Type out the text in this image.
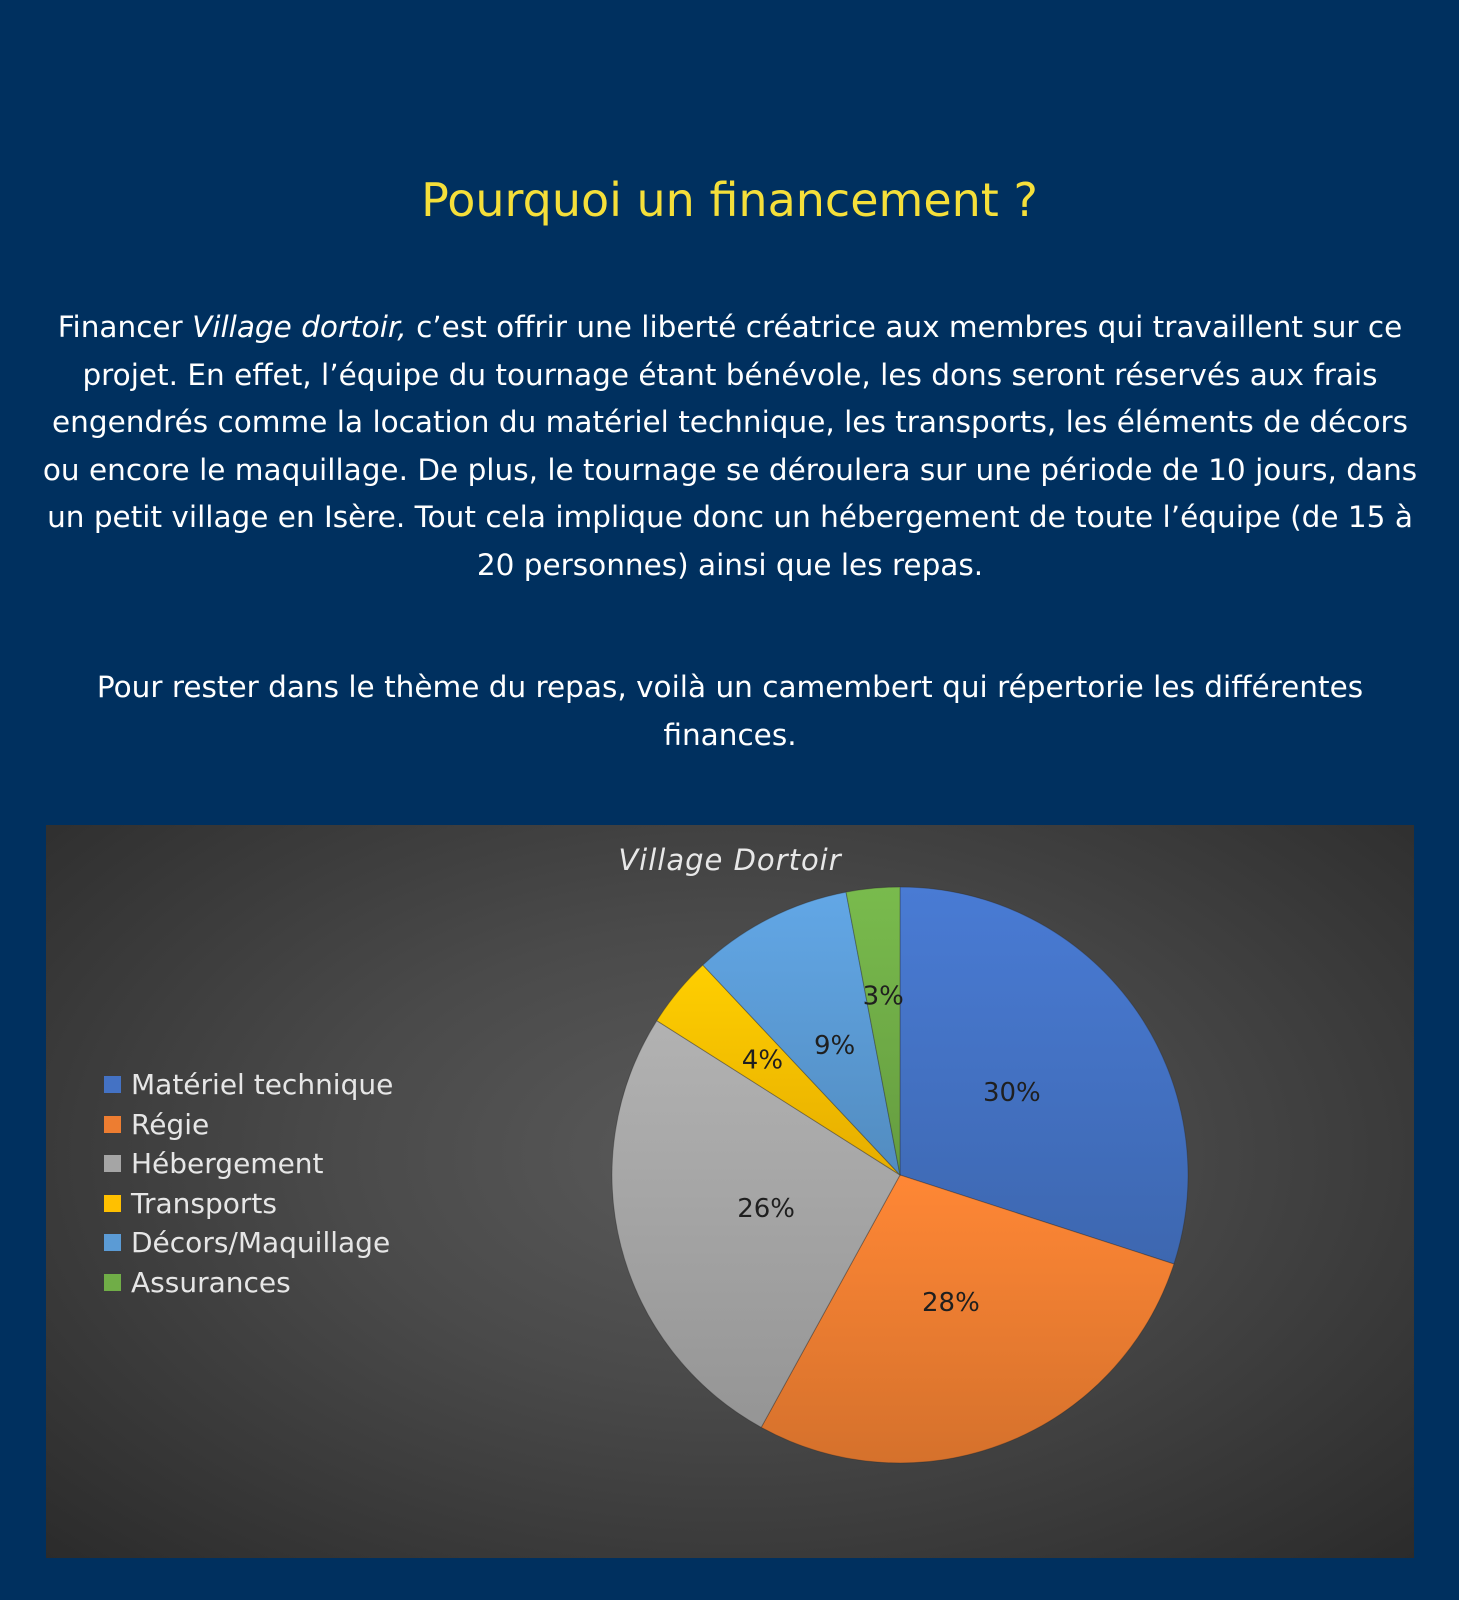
Pourquoi un financement ?
Financer Village dortoir, c’est offrir une liberté créatrice aux membres qui travaillent sur ce projet. En effet, l’équipe du tournage étant bénévole, les dons seront réservés aux frais engendrés comme la location du matériel technique, les transports, les éléments de décors ou encore le maquillage. De plus, le tournage se déroulera sur une période de 10 jours, dans un petit village en Isère. Tout cela implique donc un hébergement de toute l’équipe (de 15 à 20 personnes) ainsi que les repas.
Pour rester dans le thème du repas, voilà un camembert qui répertorie les différentes finances.
Village Dortoir
Matériel technique
Régie
Hébergement
Transports
Décors/Maquillage
Assurances
30%
28%
26%
4% 9%
3%
